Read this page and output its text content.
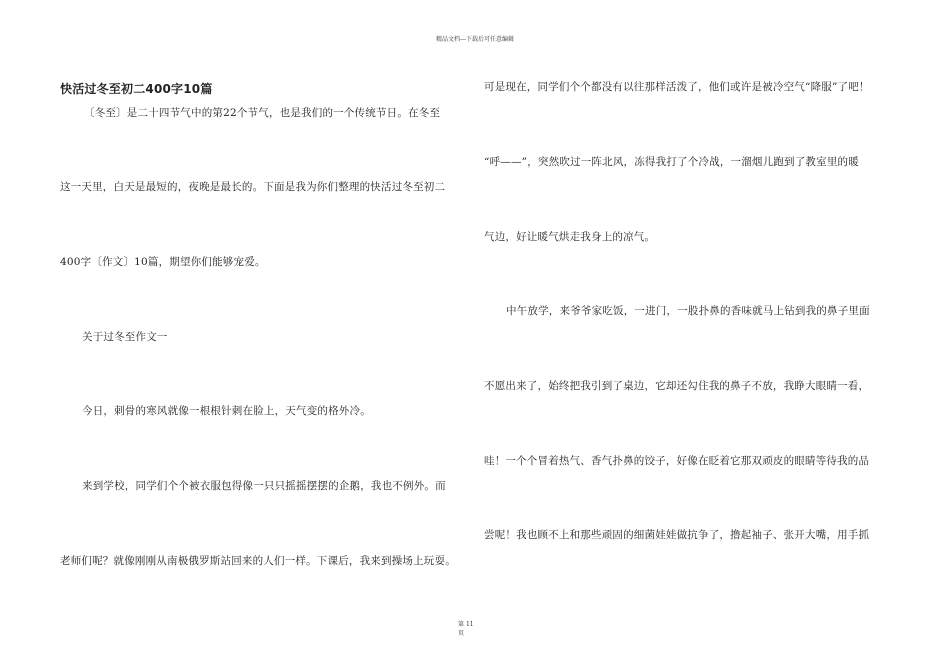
精品文档---下载后可任意编辑
快活过冬至初二400字10篇
〔冬至〕是二十四节气中的第22个节气，也是我们的一个传统节日。在冬至
这一天里，白天是最短的，夜晚是最长的。下面是我为你们整理的快活过冬至初二
400字〔作文〕10篇，期望你们能够宠爱。
关于过冬至作文一
今日，刺骨的寒风就像一根根针刺在脸上，天气变的格外冷。
来到学校，同学们个个被衣服包得像一只只摇摇摆摆的企鹅，我也不例外。而
老师们呢？就像刚刚从南极俄罗斯站回来的人们一样。下课后，我来到操场上玩耍。
可是现在，同学们个个都没有以往那样活泼了，他们或许是被冷空气“降服”了吧！
“呼——”，突然吹过一阵北风，冻得我打了个冷战，一溜烟儿跑到了教室里的暖
气边，好让暖气烘走我身上的凉气。
中午放学，来爷爷家吃饭，一进门，一股扑鼻的香味就马上钻到我的鼻子里面
不愿出来了，始终把我引到了桌边，它却还勾住我的鼻子不放，我睁大眼睛一看，
哇！一个个冒着热气、香气扑鼻的饺子，好像在眨着它那双顽皮的眼睛等待我的品
尝呢！我也顾不上和那些顽固的细菌娃娃做抗争了，撸起袖子、张开大嘴，用手抓
第 11
页
